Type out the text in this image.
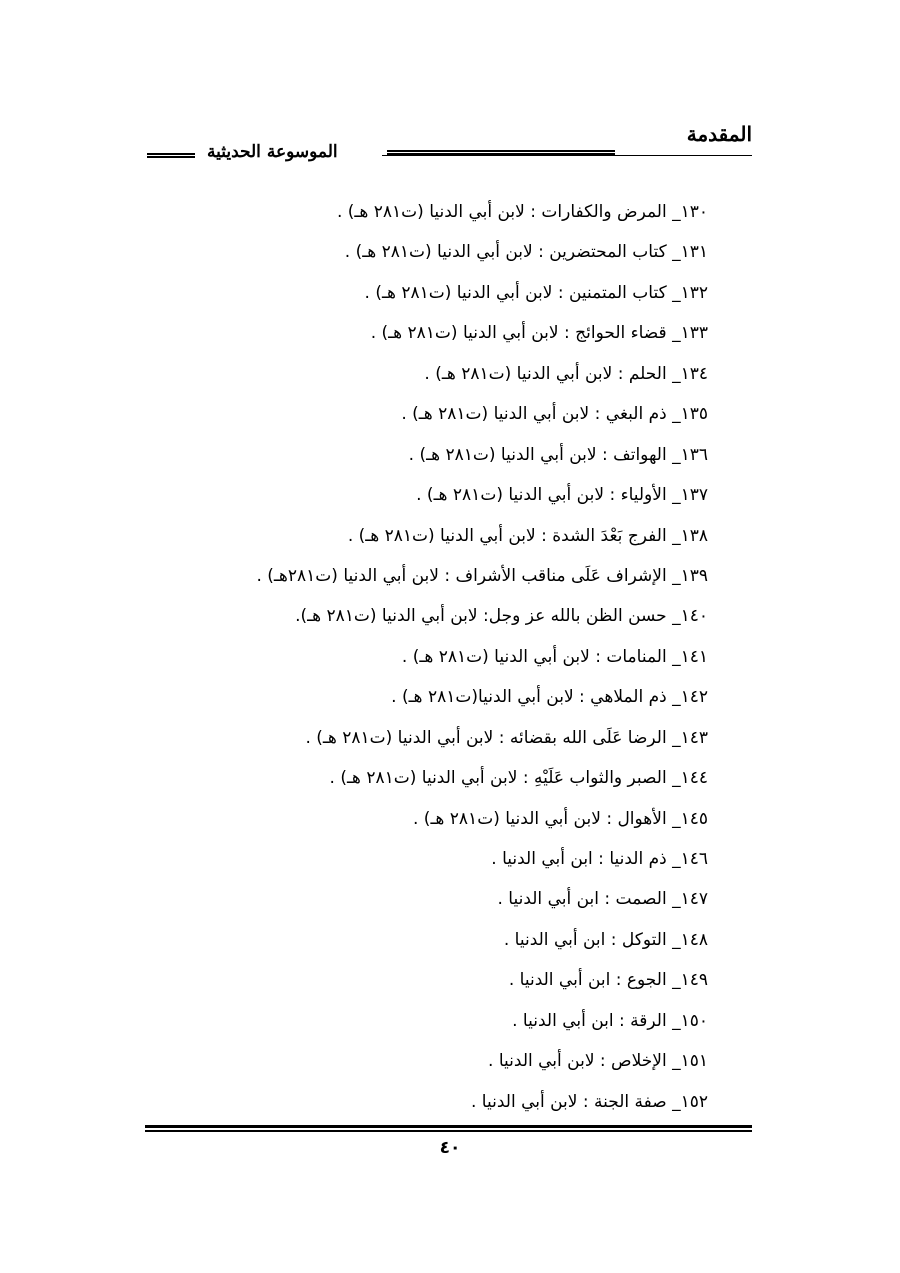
المقدمة
الموسوعة الحديثية
١٣٠_ المرض والكفارات : لابن أبي الدنيا (ت٢٨١ هـ) .
١٣١_ كتاب المحتضرين : لابن أبي الدنيا (ت٢٨١ هـ) .
١٣٢_ كتاب المتمنين : لابن أبي الدنيا (ت٢٨١ هـ) .
١٣٣_ قضاء الحوائج : لابن أبي الدنيا (ت٢٨١ هـ) .
١٣٤_ الحلم : لابن أبي الدنيا (ت٢٨١ هـ) .
١٣٥_ ذم البغي : لابن أبي الدنيا (ت٢٨١ هـ) .
١٣٦_ الهواتف : لابن أبي الدنيا (ت٢٨١ هـ) .
١٣٧_ الأولياء : لابن أبي الدنيا (ت٢٨١ هـ) .
١٣٨_ الفرج بَعْدَ الشدة : لابن أبي الدنيا (ت٢٨١ هـ) .
١٣٩_ الإشراف عَلَى مناقب الأشراف : لابن أبي الدنيا (ت٢٨١هـ) .
١٤٠_ حسن الظن بالله عز وجل: لابن أبي الدنيا (ت٢٨١ هـ).
١٤١_ المنامات : لابن أبي الدنيا (ت٢٨١ هـ) .
١٤٢_ ذم الملاهي : لابن أبي الدنيا(ت٢٨١ هـ) .
١٤٣_ الرضا عَلَى الله بقضائه : لابن أبي الدنيا (ت٢٨١ هـ) .
١٤٤_ الصبر والثواب عَلَيْهِ : لابن أبي الدنيا (ت٢٨١ هـ) .
١٤٥_ الأهوال : لابن أبي الدنيا (ت٢٨١ هـ) .
١٤٦_ ذم الدنيا : ابن أبي الدنيا .
١٤٧_ الصمت : ابن أبي الدنيا .
١٤٨_ التوكل : ابن أبي الدنيا .
١٤٩_ الجوع : ابن أبي الدنيا .
١٥٠_ الرقة : ابن أبي الدنيا .
١٥١_ الإخلاص : لابن أبي الدنيا .
١٥٢_ صفة الجنة : لابن أبي الدنيا .
٤٠
